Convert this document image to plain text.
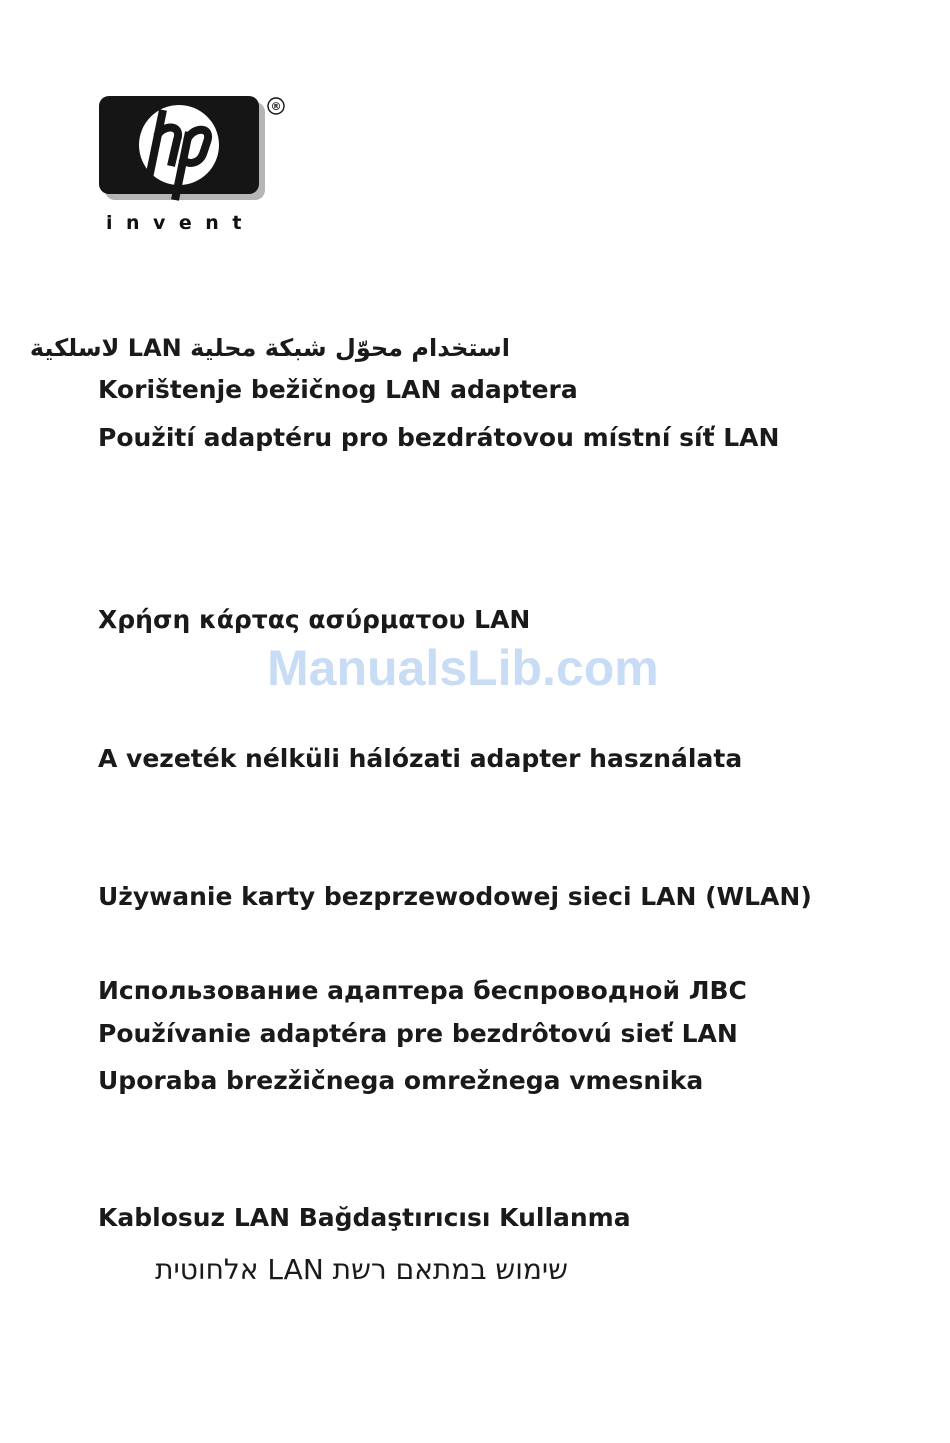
®
hp
invent
استخدام محوّل شبكة محلية LAN لاسلكية
Korištenje bežičnog LAN adaptera
Použití adaptéru pro bezdrátovou místní síť LAN
Χρήση κάρτας ασύρματου LAN
ManualsLib.com
A vezeték nélküli hálózati adapter használata
Używanie karty bezprzewodowej sieci LAN (WLAN)
Использование адаптера беспроводной ЛВС
Používanie adaptéra pre bezdrôtovú sieť LAN
Uporaba brezžičnega omrežnega vmesnika
Kablosuz LAN Bağdaştırıcısı Kullanma
שימוש במתאם רשת LAN אלחוטית
